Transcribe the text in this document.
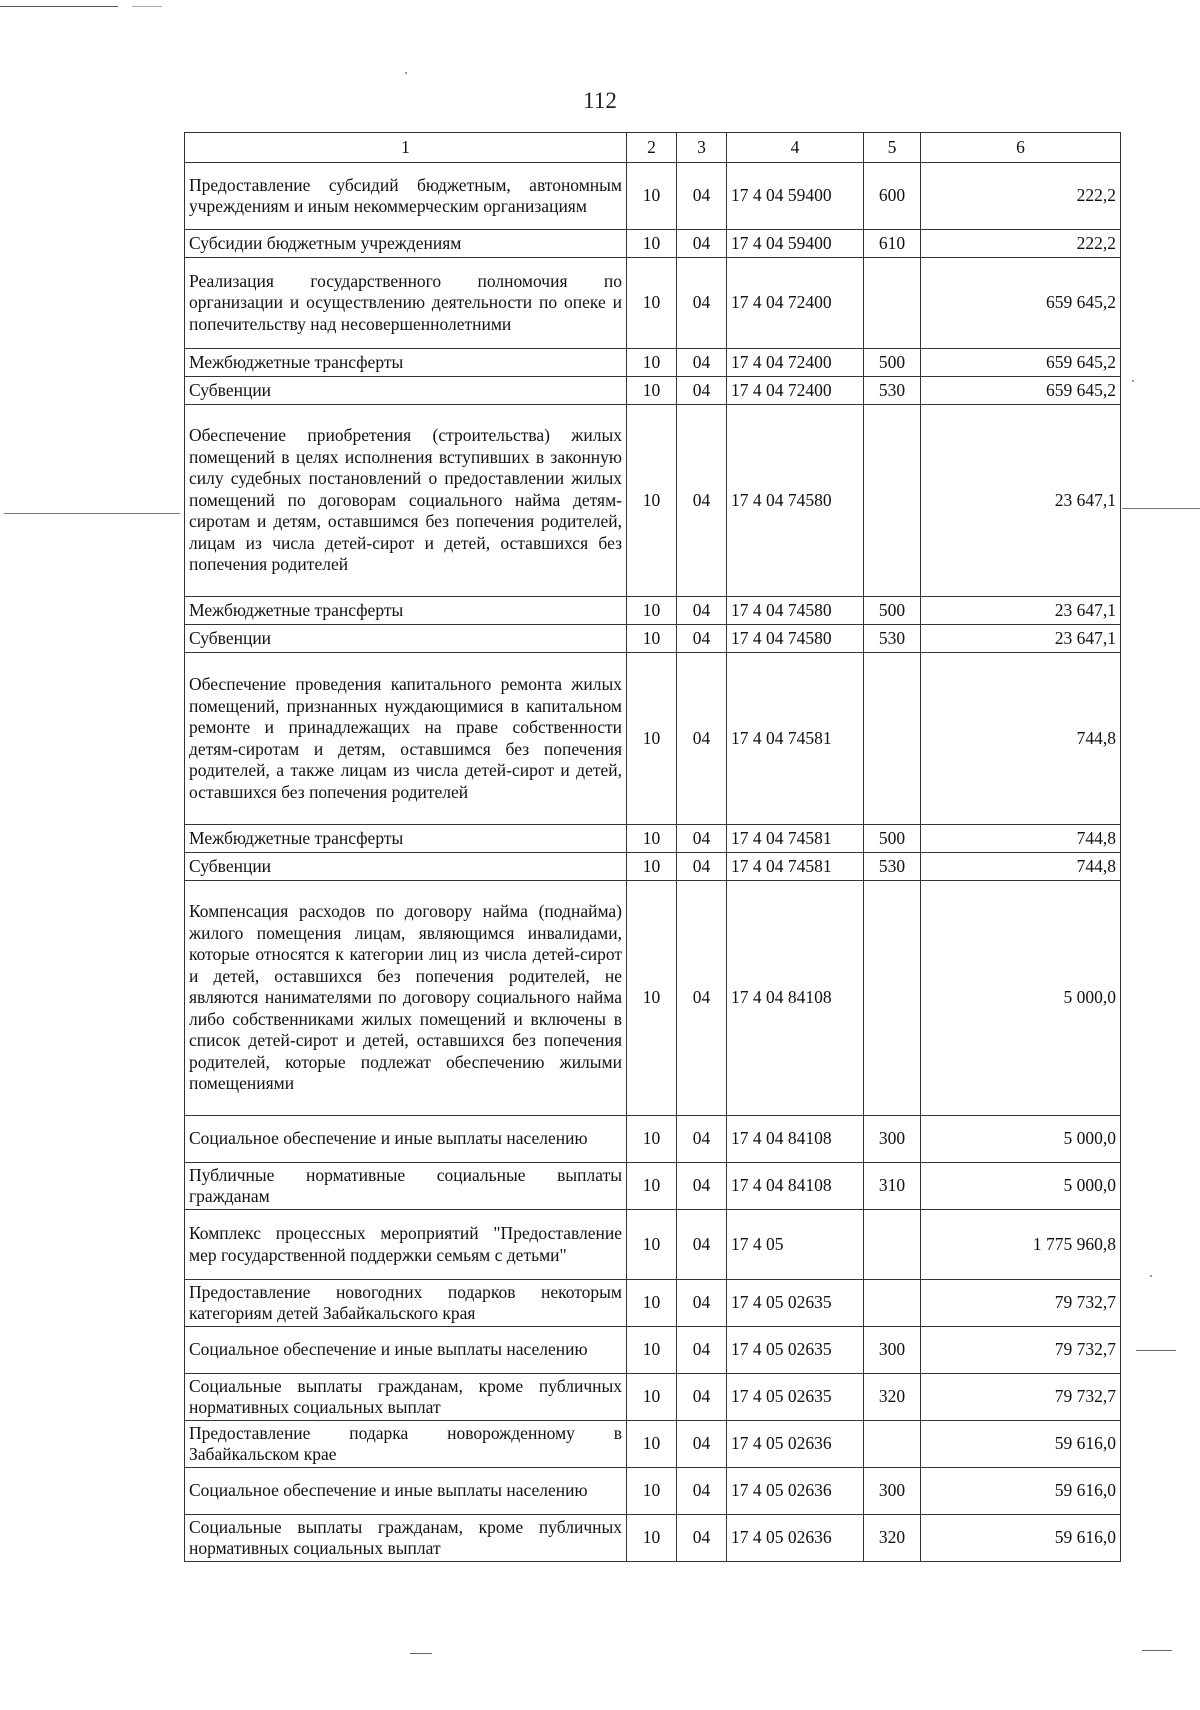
112
1	2	3	4	5	6
Предоставление субсидий бюджетным, автономным учреждениям и иным некоммерческим организациям	10	04	17 4 04 59400	600	222,2
Субсидии бюджетным учреждениям	10	04	17 4 04 59400	610	222,2
Реализация государственного полномочия по организации и осуществлению деятельности по опеке и попечительству над несовершеннолетними	10	04	17 4 04 72400		659 645,2
Межбюджетные трансферты	10	04	17 4 04 72400	500	659 645,2
Субвенции	10	04	17 4 04 72400	530	659 645,2
Обеспечение приобретения (строительства) жилых помещений в целях исполнения вступивших в законную силу судебных постановлений о предоставлении жилых помещений по договорам социального найма детям-сиротам и детям, оставшимся без попечения родителей, лицам из числа детей-сирот и детей, оставшихся без попечения родителей	10	04	17 4 04 74580		23 647,1
Межбюджетные трансферты	10	04	17 4 04 74580	500	23 647,1
Субвенции	10	04	17 4 04 74580	530	23 647,1
Обеспечение проведения капитального ремонта жилых помещений, признанных нуждающимися в капитальном ремонте и принадлежащих на праве собственности детям-сиротам и детям, оставшимся без попечения родителей, а также лицам из числа детей-сирот и детей, оставшихся без попечения родителей	10	04	17 4 04 74581		744,8
Межбюджетные трансферты	10	04	17 4 04 74581	500	744,8
Субвенции	10	04	17 4 04 74581	530	744,8
Компенсация расходов по договору найма (поднайма) жилого помещения лицам, являющимся инвалидами, которые относятся к категории лиц из числа детей-сирот и детей, оставшихся без попечения родителей, не являются нанимателями по договору социального найма либо собственниками жилых помещений и включены в список детей-сирот и детей, оставшихся без попечения родителей, которые подлежат обеспечению жилыми помещениями	10	04	17 4 04 84108		5 000,0
Социальное обеспечение и иные выплаты населению	10	04	17 4 04 84108	300	5 000,0
Публичные нормативные социальные выплаты гражданам	10	04	17 4 04 84108	310	5 000,0
Комплекс процессных мероприятий "Предоставление мер государственной поддержки семьям с детьми"	10	04	17 4 05		1 775 960,8
Предоставление новогодних подарков некоторым категориям детей Забайкальского края	10	04	17 4 05 02635		79 732,7
Социальное обеспечение и иные выплаты населению	10	04	17 4 05 02635	300	79 732,7
Социальные выплаты гражданам, кроме публичных нормативных социальных выплат	10	04	17 4 05 02635	320	79 732,7
Предоставление подарка новорожденному в Забайкальском крае	10	04	17 4 05 02636		59 616,0
Социальное обеспечение и иные выплаты населению	10	04	17 4 05 02636	300	59 616,0
Социальные выплаты гражданам, кроме публичных нормативных социальных выплат	10	04	17 4 05 02636	320	59 616,0
